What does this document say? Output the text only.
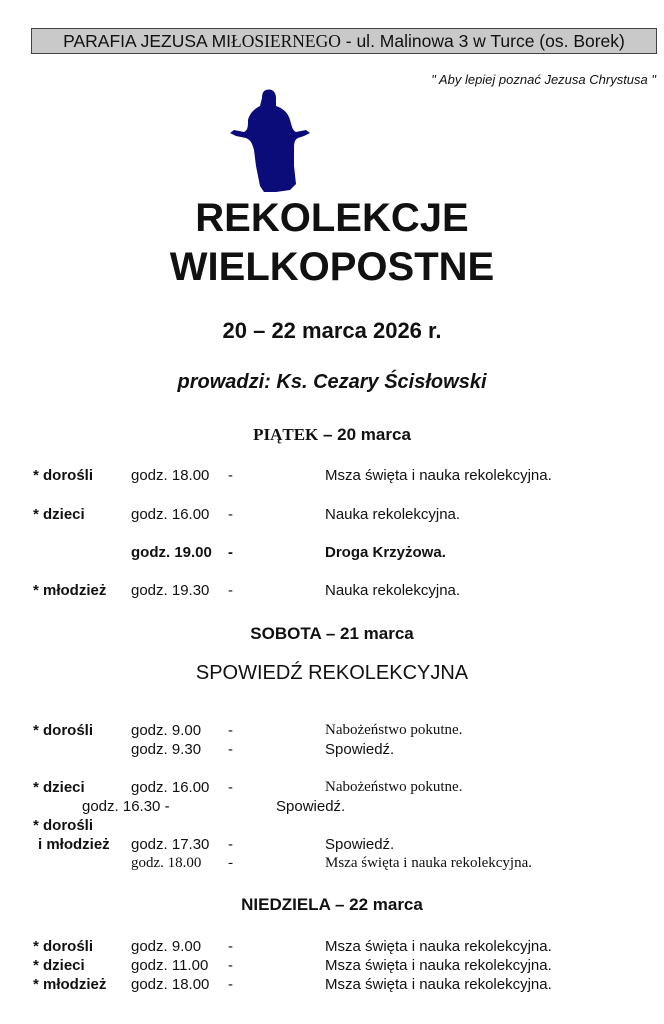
PARAFIA JEZUSA MIŁOSIERNEGO - ul. Malinowa 3 w Turce (os. Borek)
" Aby lepiej poznać Jezusa Chrystusa "
REKOLEKCJE
WIELKOPOSTNE
20 – 22 marca 2026 r.
prowadzi: Ks. Cezary Ścisłowski
PIĄTEK – 20 marca
* dorośli	godz. 18.00 -	Msza święta i nauka rekolekcyjna.
* dzieci	godz. 16.00 -	Nauka rekolekcyjna.
godz. 19.00 -	Droga Krzyżowa.
* młodzież godz. 19.30 -	Nauka rekolekcyjna.
SOBOTA – 21 marca
SPOWIEDŹ REKOLEKCYJNA
* dorośli	godz. 9.00 -	Nabożeństwo pokutne.
godz. 9.30 -	Spowiedź.
* dzieci	godz. 16.00 -	Nabożeństwo pokutne.
godz. 16.30 -	Spowiedź.
* dorośli
i młodzież godz. 17.30 -	Spowiedź.
godz. 18.00 -	Msza święta i nauka rekolekcyjna.
NIEDZIELA – 22 marca
* dorośli	godz. 9.00 -	Msza święta i nauka rekolekcyjna.
* dzieci	godz. 11.00 -	Msza święta i nauka rekolekcyjna.
* młodzież godz. 18.00 -	Msza święta i nauka rekolekcyjna.
